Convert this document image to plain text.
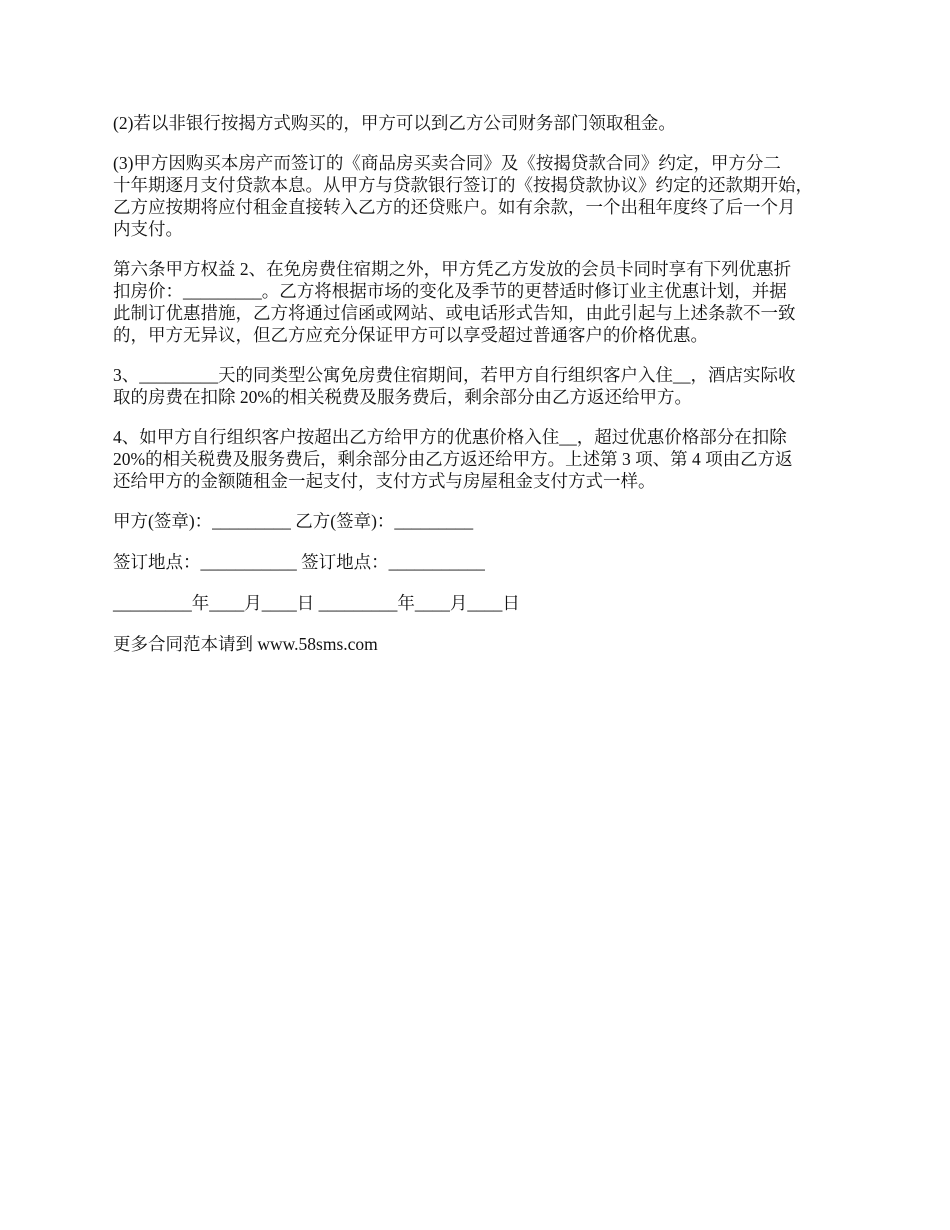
(2)若以非银行按揭方式购买的，甲方可以到乙方公司财务部门领取租金。

(3)甲方因购买本房产而签订的《商品房买卖合同》及《按揭贷款合同》约定，甲方分二
十年期逐月支付贷款本息。从甲方与贷款银行签订的《按揭贷款协议》约定的还款期开始，
乙方应按期将应付租金直接转入乙方的还贷账户。如有余款，一个出租年度终了后一个月
内支付。

第六条甲方权益 2、在免房费住宿期之外，甲方凭乙方发放的会员卡同时享有下列优惠折
扣房价：_________。乙方将根据市场的变化及季节的更替适时修订业主优惠计划，并据
此制订优惠措施，乙方将通过信函或网站、或电话形式告知，由此引起与上述条款不一致
的，甲方无异议，但乙方应充分保证甲方可以享受超过普通客户的价格优惠。

3、_________天的同类型公寓免房费住宿期间，若甲方自行组织客户入住__，酒店实际收
取的房费在扣除 20%的相关税费及服务费后，剩余部分由乙方返还给甲方。

4、如甲方自行组织客户按超出乙方给甲方的优惠价格入住__，超过优惠价格部分在扣除
20%的相关税费及服务费后，剩余部分由乙方返还给甲方。上述第 3 项、第 4 项由乙方返
还给甲方的金额随租金一起支付，支付方式与房屋租金支付方式一样。

甲方(签章)：_________ 乙方(签章)：_________

签订地点：___________ 签订地点：___________

_________年____月____日 _________年____月____日

更多合同范本请到 www.58sms.com
